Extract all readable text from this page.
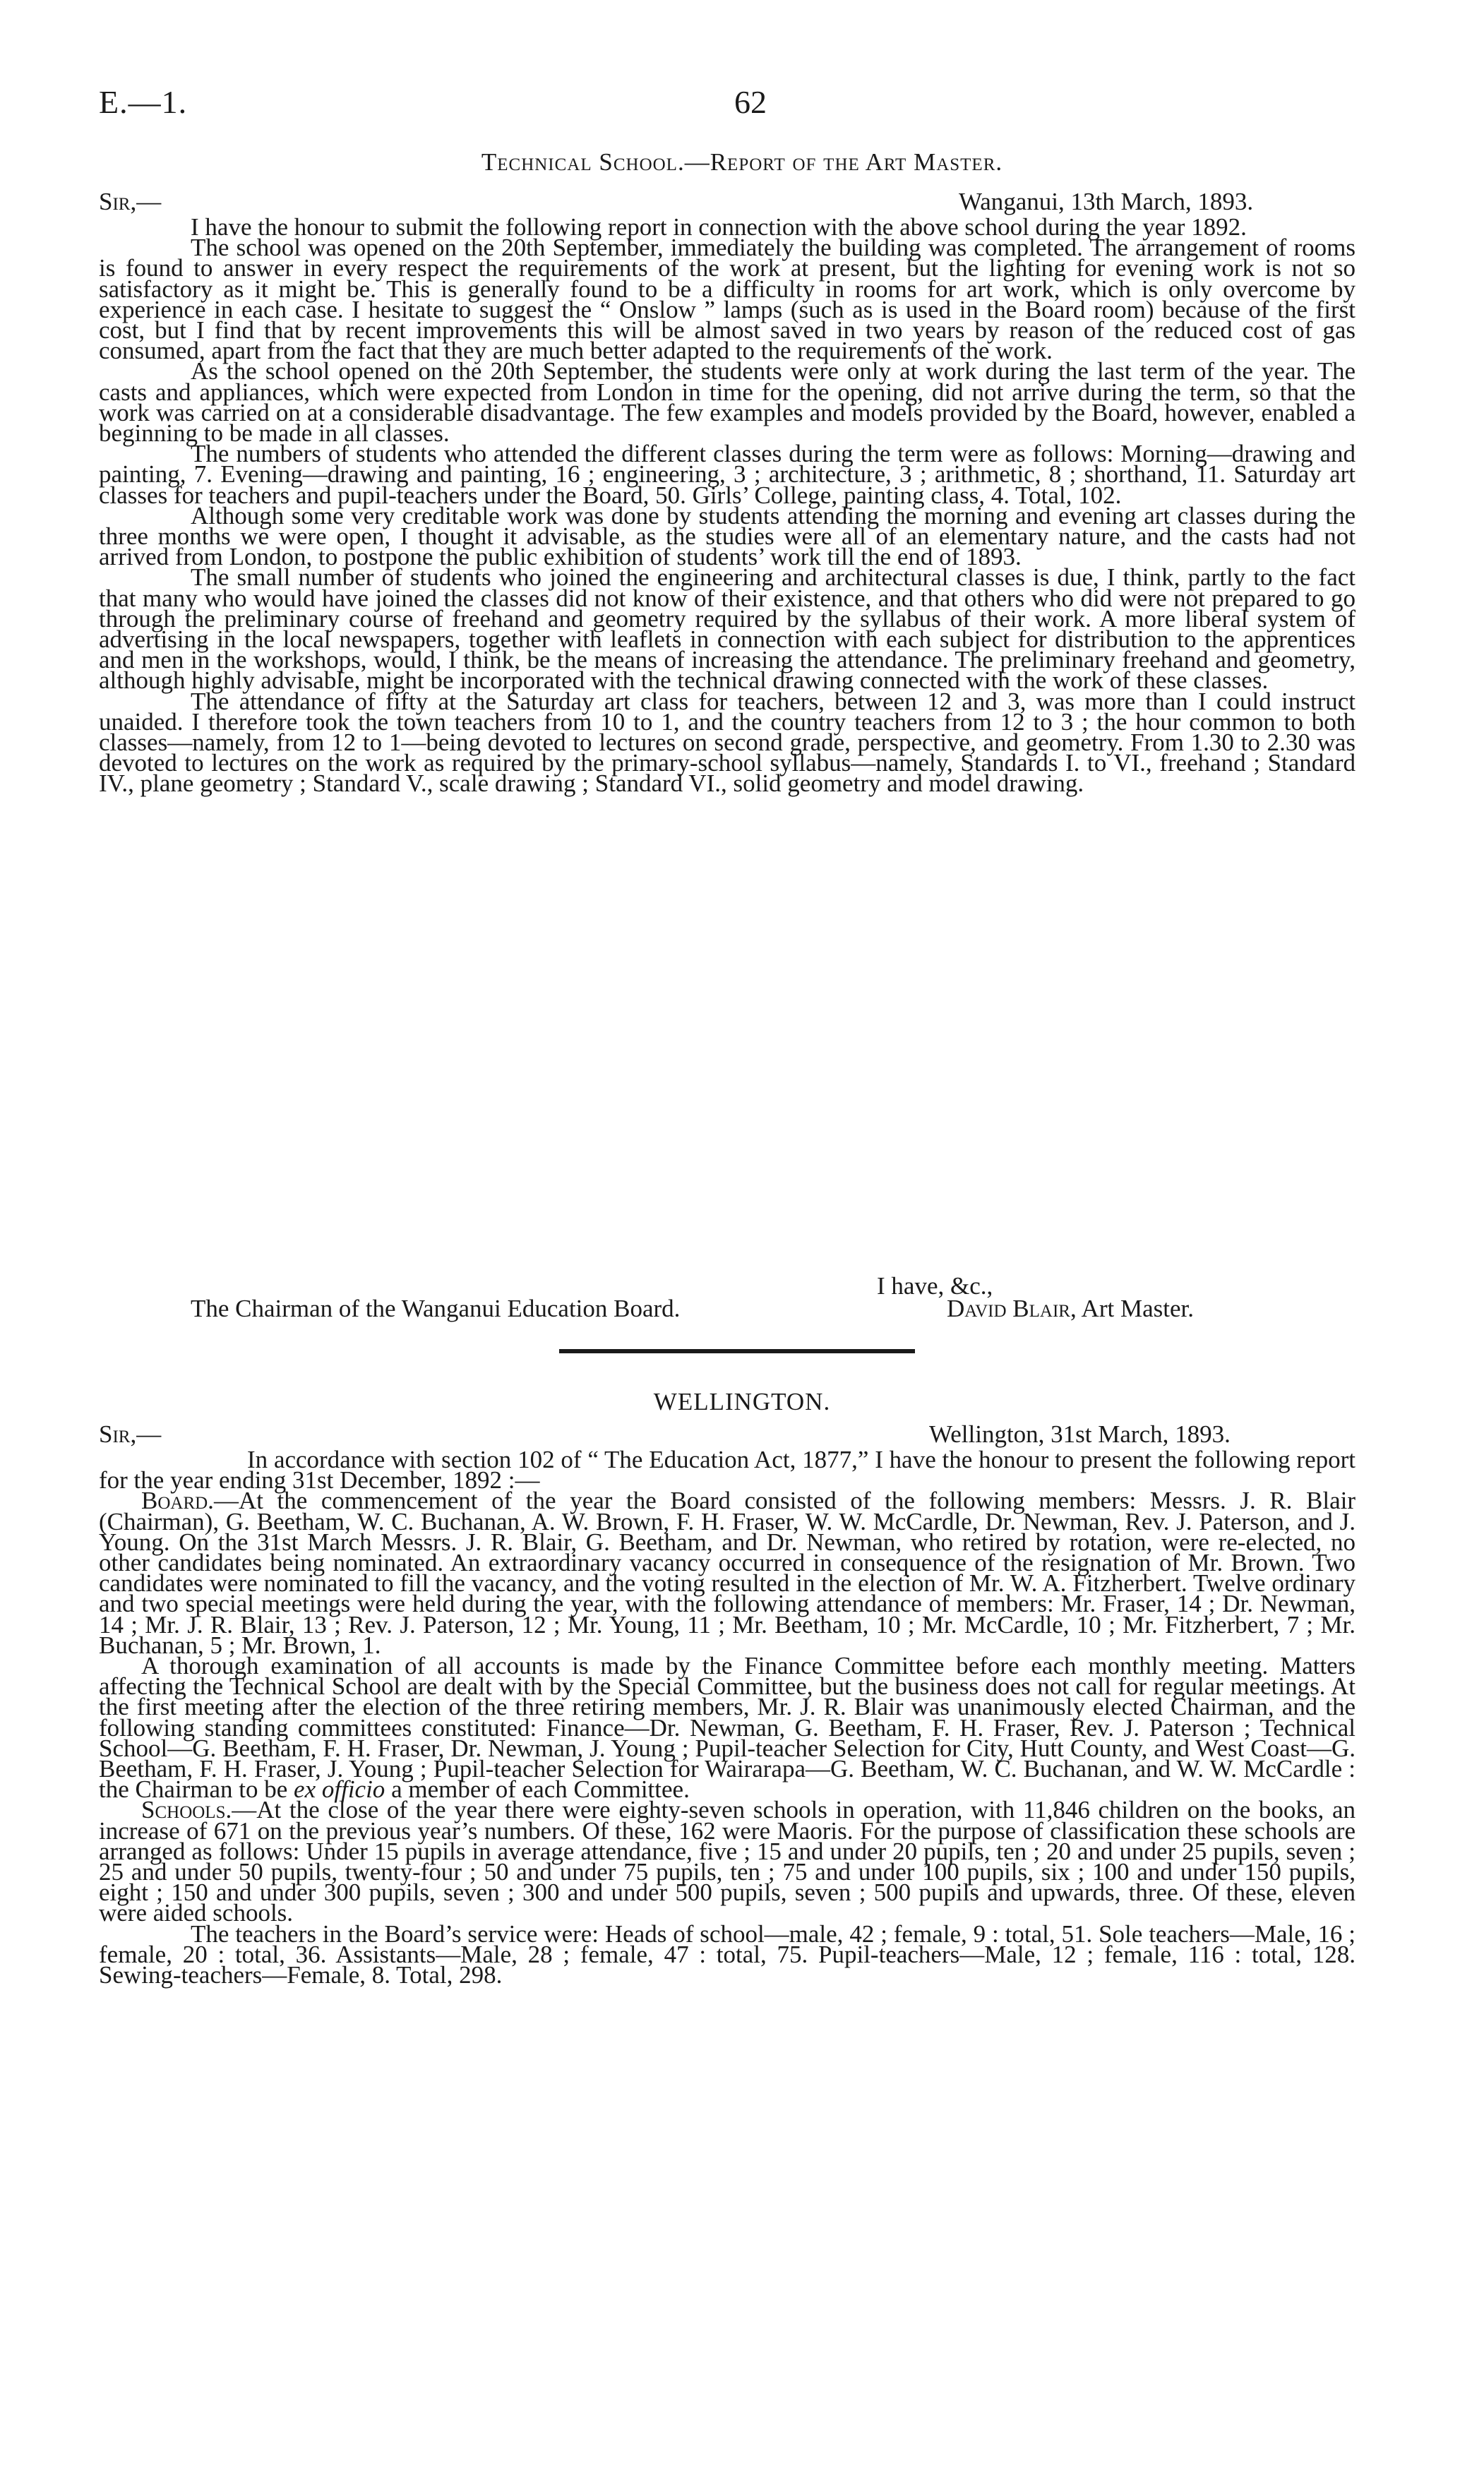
E.—1.	62
Technical School.—Report of the Art Master.
Sir,—	Wanganui, 13th March, 1893.

I have the honour to submit the following report in connection with the above school during the year 1892.

The school was opened on the 20th September, immediately the building was completed. The arrangement of rooms is found to answer in every respect the requirements of the work at present, but the lighting for evening work is not so satisfactory as it might be. This is generally found to be a difficulty in rooms for art work, which is only overcome by experience in each case. I hesitate to suggest the “ Onslow ” lamps (such as is used in the Board room) because of the first cost, but I find that by recent improvements this will be almost saved in two years by reason of the reduced cost of gas consumed, apart from the fact that they are much better adapted to the requirements of the work.

As the school opened on the 20th September, the students were only at work during the last term of the year. The casts and appliances, which were expected from London in time for the opening, did not arrive during the term, so that the work was carried on at a considerable disadvantage. The few examples and models provided by the Board, however, enabled a beginning to be made in all classes.

The numbers of students who attended the different classes during the term were as follows: Morning—drawing and painting, 7. Evening—drawing and painting, 16 ; engineering, 3 ; architecture, 3 ; arithmetic, 8 ; shorthand, 11. Saturday art classes for teachers and pupil-teachers under the Board, 50. Girls’ College, painting class, 4. Total, 102.

Although some very creditable work was done by students attending the morning and evening art classes during the three months we were open, I thought it advisable, as the studies were all of an elementary nature, and the casts had not arrived from London, to postpone the public exhibition of students’ work till the end of 1893.

The small number of students who joined the engineering and architectural classes is due, I think, partly to the fact that many who would have joined the classes did not know of their existence, and that others who did were not prepared to go through the preliminary course of freehand and geometry required by the syllabus of their work. A more liberal system of advertising in the local newspapers, together with leaflets in connection with each subject for distribution to the apprentices and men in the workshops, would, I think, be the means of increasing the attendance. The preliminary freehand and geometry, although highly advisable, might be incorporated with the technical drawing connected with the work of these classes.

The attendance of fifty at the Saturday art class for teachers, between 12 and 3, was more than I could instruct unaided. I therefore took the town teachers from 10 to 1, and the country teachers from 12 to 3 ; the hour common to both classes—namely, from 12 to 1—being devoted to lectures on second grade, perspective, and geometry. From 1.30 to 2.30 was devoted to lectures on the work as required by the primary-school syllabus—namely, Standards I. to VI., freehand ; Standard IV., plane geometry ; Standard V., scale drawing ; Standard VI., solid geometry and model drawing.

I have, &c.,
The Chairman of the Wanganui Education Board.	David Blair, Art Master.
WELLINGTON.
Sir,—	Wellington, 31st March, 1893.

In accordance with section 102 of “ The Education Act, 1877,” I have the honour to present the following report for the year ending 31st December, 1892 :—

Board.—At the commencement of the year the Board consisted of the following members: Messrs. J. R. Blair (Chairman), G. Beetham, W. C. Buchanan, A. W. Brown, F. H. Fraser, W. W. McCardle, Dr. Newman, Rev. J. Paterson, and J. Young. On the 31st March Messrs. J. R. Blair, G. Beetham, and Dr. Newman, who retired by rotation, were re-elected, no other candidates being nominated. An extraordinary vacancy occurred in consequence of the resignation of Mr. Brown. Two candidates were nominated to fill the vacancy, and the voting resulted in the election of Mr. W. A. Fitzherbert. Twelve ordinary and two special meetings were held during the year, with the following attendance of members: Mr. Fraser, 14 ; Dr. Newman, 14 ; Mr. J. R. Blair, 13 ; Rev. J. Paterson, 12 ; Mr. Young, 11 ; Mr. Beetham, 10 ; Mr. McCardle, 10 ; Mr. Fitzherbert, 7 ; Mr. Buchanan, 5 ; Mr. Brown, 1.

A thorough examination of all accounts is made by the Finance Committee before each monthly meeting. Matters affecting the Technical School are dealt with by the Special Committee, but the business does not call for regular meetings. At the first meeting after the election of the three retiring members, Mr. J. R. Blair was unanimously elected Chairman, and the following standing committees constituted: Finance—Dr. Newman, G. Beetham, F. H. Fraser, Rev. J. Paterson ; Technical School—G. Beetham, F. H. Fraser, Dr. Newman, J. Young ; Pupil-teacher Selection for City, Hutt County, and West Coast—G. Beetham, F. H. Fraser, J. Young ; Pupil-teacher Selection for Wairarapa—G. Beetham, W. C. Buchanan, and W. W. McCardle : the Chairman to be ex officio a member of each Committee.

Schools.—At the close of the year there were eighty-seven schools in operation, with 11,846 children on the books, an increase of 671 on the previous year’s numbers. Of these, 162 were Maoris. For the purpose of classification these schools are arranged as follows: Under 15 pupils in average attendance, five ; 15 and under 20 pupils, ten ; 20 and under 25 pupils, seven ; 25 and under 50 pupils, twenty-four ; 50 and under 75 pupils, ten ; 75 and under 100 pupils, six ; 100 and under 150 pupils, eight ; 150 and under 300 pupils, seven ; 300 and under 500 pupils, seven ; 500 pupils and upwards, three. Of these, eleven were aided schools.

The teachers in the Board’s service were: Heads of school—male, 42 ; female, 9 : total, 51. Sole teachers—Male, 16 ; female, 20 : total, 36. Assistants—Male, 28 ; female, 47 : total, 75. Pupil-teachers—Male, 12 ; female, 116 : total, 128. Sewing-teachers—Female, 8. Total, 298.
